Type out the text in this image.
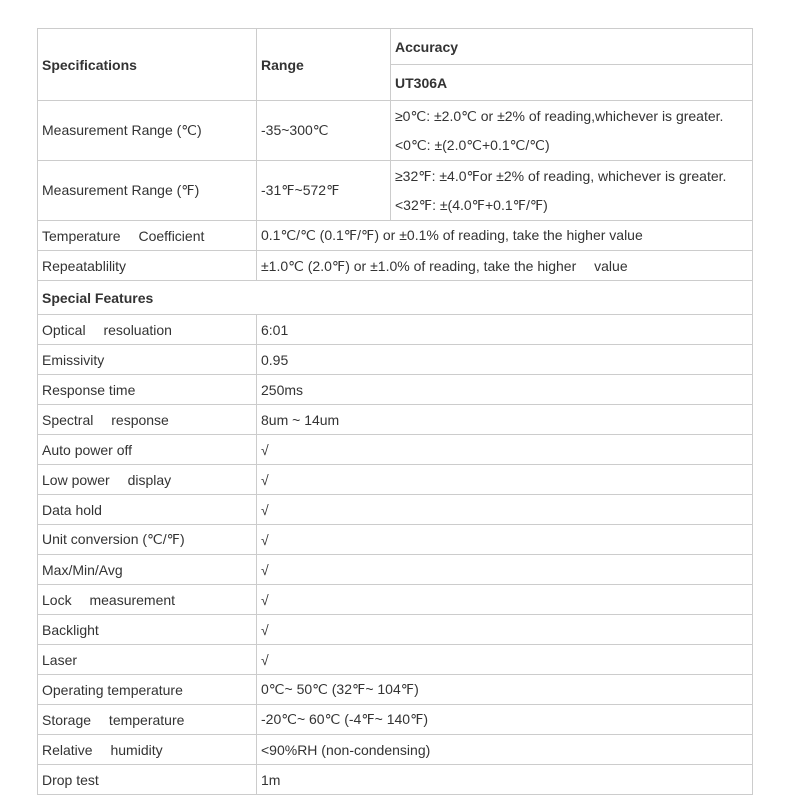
Specifications	Range	Accuracy
		UT306A
Measurement Range (℃)	-35~300℃	≥0℃: ±2.0℃ or ±2% of reading,whichever is greater.
<0℃: ±(2.0℃+0.1℃/℃)

Measurement Range (℉)	-31℉~572℉	≥32℉: ±4.0℉or ±2% of reading, whichever is greater.
<32℉: ±(4.0℉+0.1℉/℉)

Temperature　 Coefficient	0.1℃/℃ (0.1℉/℉) or ±0.1% of reading, take the higher value	
Repeatablility	±1.0℃ (2.0℉) or ±1.0% of reading, take the higher　 value	
Special Features		
Optical　 resoluation	6:01	
Emissivity	0.95	
Response time	250ms	
Spectral　 response	8um ~ 14um	
Auto power off	√	
Low power　 display	√	
Data hold	√	
Unit conversion (℃/℉)	√	
Max/Min/Avg	√	
Lock　 measurement	√	
Backlight	√	
Laser	√	
Operating temperature	0℃~ 50℃ (32℉~ 104℉)	
Storage　 temperature	-20℃~ 60℃ (-4℉~ 140℉)	
Relative　 humidity	<90%RH (non-condensing)	
Drop test	1m	
